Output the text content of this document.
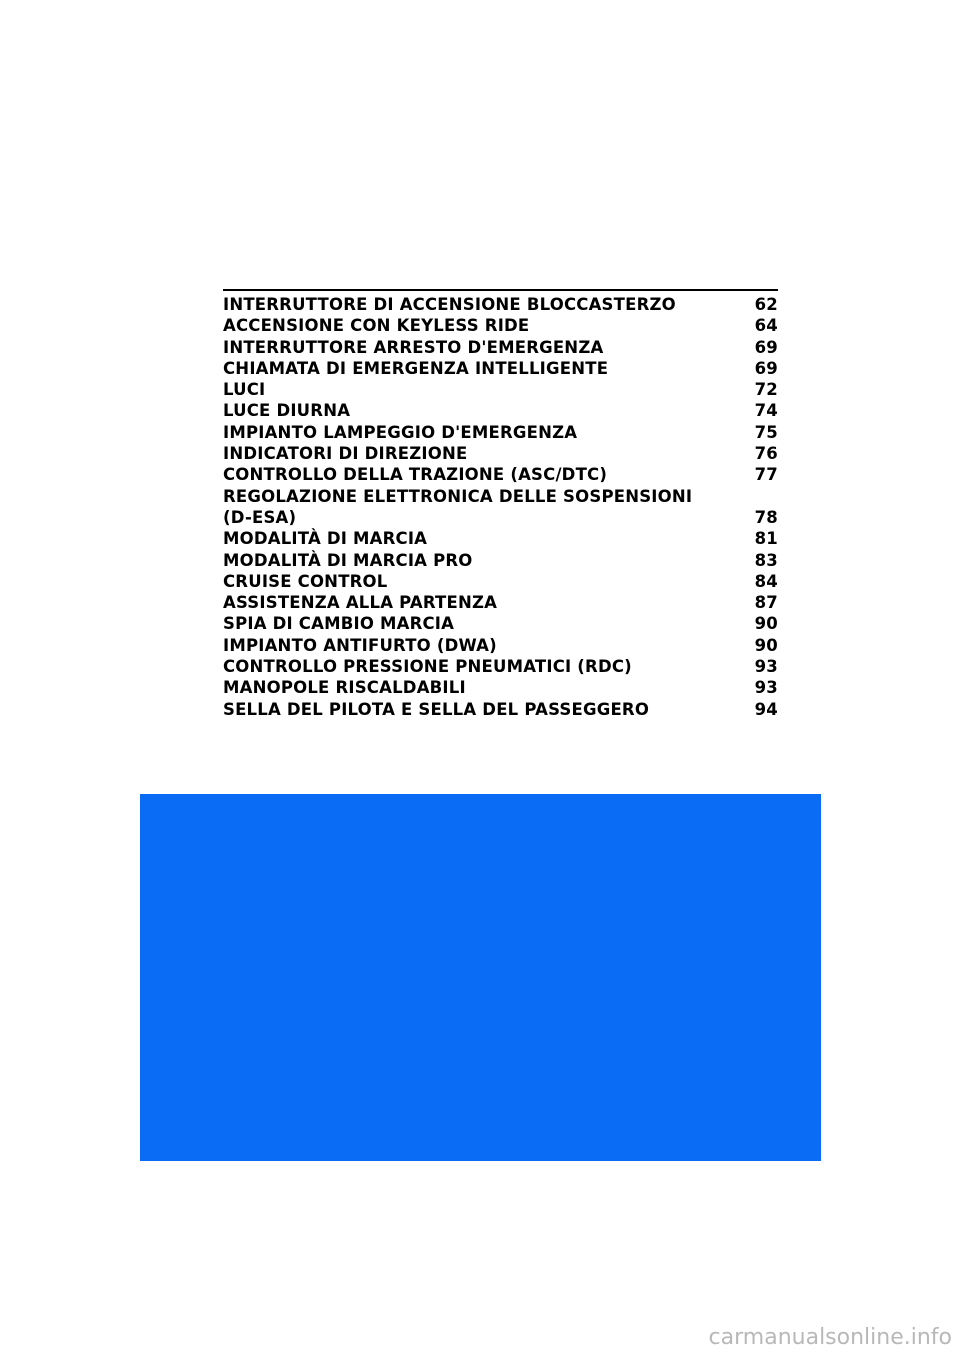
INTERRUTTORE DI ACCENSIONE BLOCCASTERZO	62
ACCENSIONE CON KEYLESS RIDE	64
INTERRUTTORE ARRESTO D'EMERGENZA	69
CHIAMATA DI EMERGENZA INTELLIGENTE	69
LUCI	72
LUCE DIURNA	74
IMPIANTO LAMPEGGIO D'EMERGENZA	75
INDICATORI DI DIREZIONE	76
CONTROLLO DELLA TRAZIONE (ASC/DTC)	77
REGOLAZIONE ELETTRONICA DELLE SOSPENSIONI (D-ESA)	78
MODALITÀ DI MARCIA	81
MODALITÀ DI MARCIA PRO	83
CRUISE CONTROL	84
ASSISTENZA ALLA PARTENZA	87
SPIA DI CAMBIO MARCIA	90
IMPIANTO ANTIFURTO (DWA)	90
CONTROLLO PRESSIONE PNEUMATICI (RDC)	93
MANOPOLE RISCALDABILI	93
SELLA DEL PILOTA E SELLA DEL PASSEGGERO	94
carmanualsonline.info
